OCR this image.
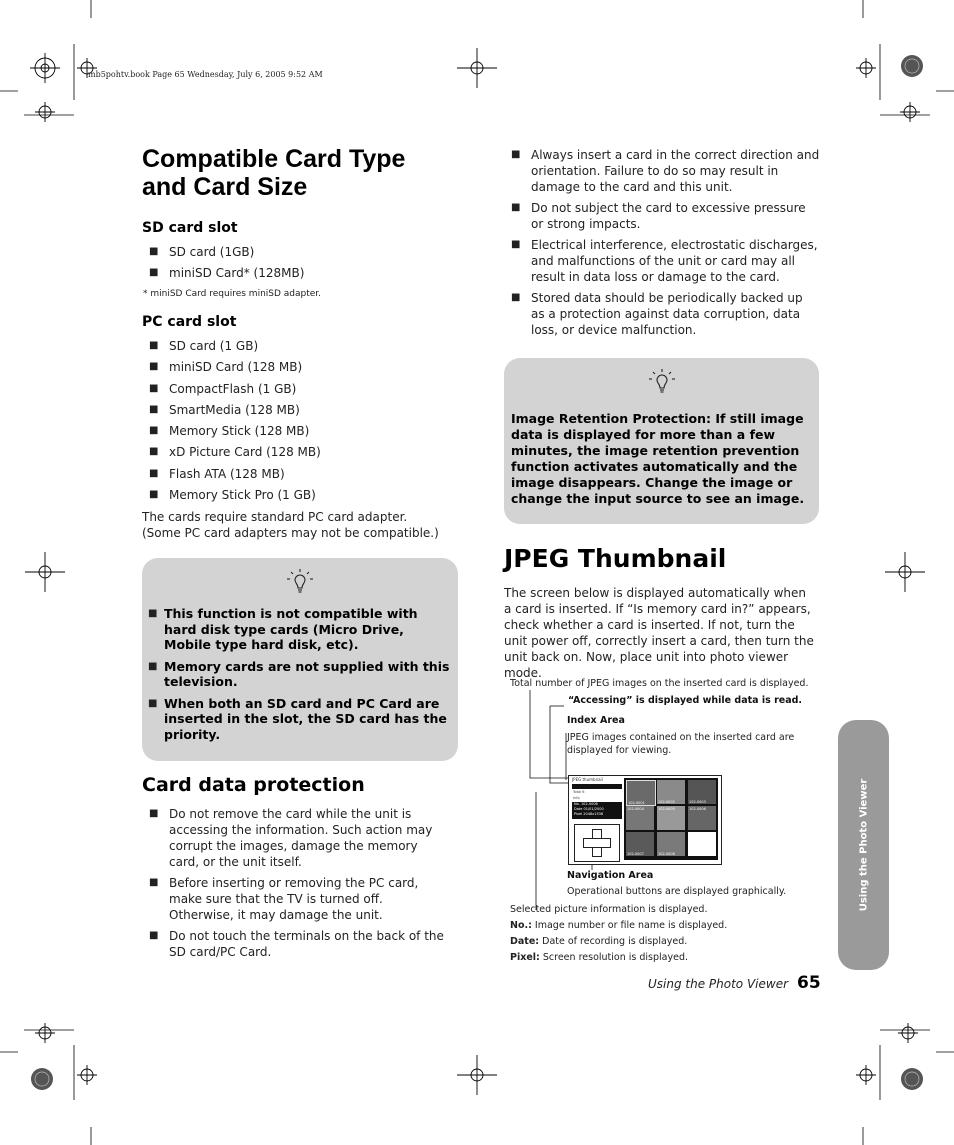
mb5pohtv.book Page 65 Wednesday, July 6, 2005 9:52 AM
Compatible Card Type
and Card Size
SD card slot
■ SD card (1GB)
■ miniSD Card* (128MB)
* miniSD Card requires miniSD adapter.
PC card slot
■ SD card (1 GB)
■ miniSD Card (128 MB)
■ CompactFlash (1 GB)
■ SmartMedia (128 MB)
■ Memory Stick (128 MB)
■ xD Picture Card (128 MB)
■ Flash ATA (128 MB)
■ Memory Stick Pro (1 GB)
The cards require standard PC card adapter. (Some PC card adapters may not be compatible.)
■ This function is not compatible with hard disk type cards (Micro Drive, Mobile type hard disk, etc).
■ Memory cards are not supplied with this television.
■ When both an SD card and PC Card are inserted in the slot, the SD card has the priority.
Card data protection
■ Do not remove the card while the unit is accessing the information. Such action may corrupt the images, damage the memory card, or the unit itself.
■ Before inserting or removing the PC card, make sure that the TV is turned off. Otherwise, it may damage the unit.
■ Do not touch the terminals on the back of the SD card/PC Card.
■ Always insert a card in the correct direction and orientation. Failure to do so may result in damage to the card and this unit.
■ Do not subject the card to excessive pressure or strong impacts.
■ Electrical interference, electrostatic discharges, and malfunctions of the unit or card may all result in data loss or damage to the card.
■ Stored data should be periodically backed up as a protection against data corruption, data loss, or device malfunction.
Image Retention Protection: If still image data is displayed for more than a few minutes, the image retention prevention function activates automatically and the image disappears. Change the image or change the input source to see an image.
JPEG Thumbnail
The screen below is displayed automatically when a card is inserted. If “Is memory card in?” appears, check whether a card is inserted. If not, turn the unit power off, correctly insert a card, then turn the unit back on. Now, place unit into photo viewer mode.
Total number of JPEG images on the inserted card is displayed.
“Accessing” is displayed while data is read.
Index Area
JPEG images contained on the inserted card are displayed for viewing.
JPEG thumbnail
Total 6
Info
No. 102-0006
Date 01/01/2000
Pixel 2048x1536
102-0001	102-0002	102-0003
102-0004	102-0005	102-0006
102-0007	102-0008
Navigation Area
Operational buttons are displayed graphically.
Selected picture information is displayed.
No.: Image number or file name is displayed.
Date: Date of recording is displayed.
Pixel: Screen resolution is displayed.
Using the Photo Viewer
Using the Photo Viewer 65
